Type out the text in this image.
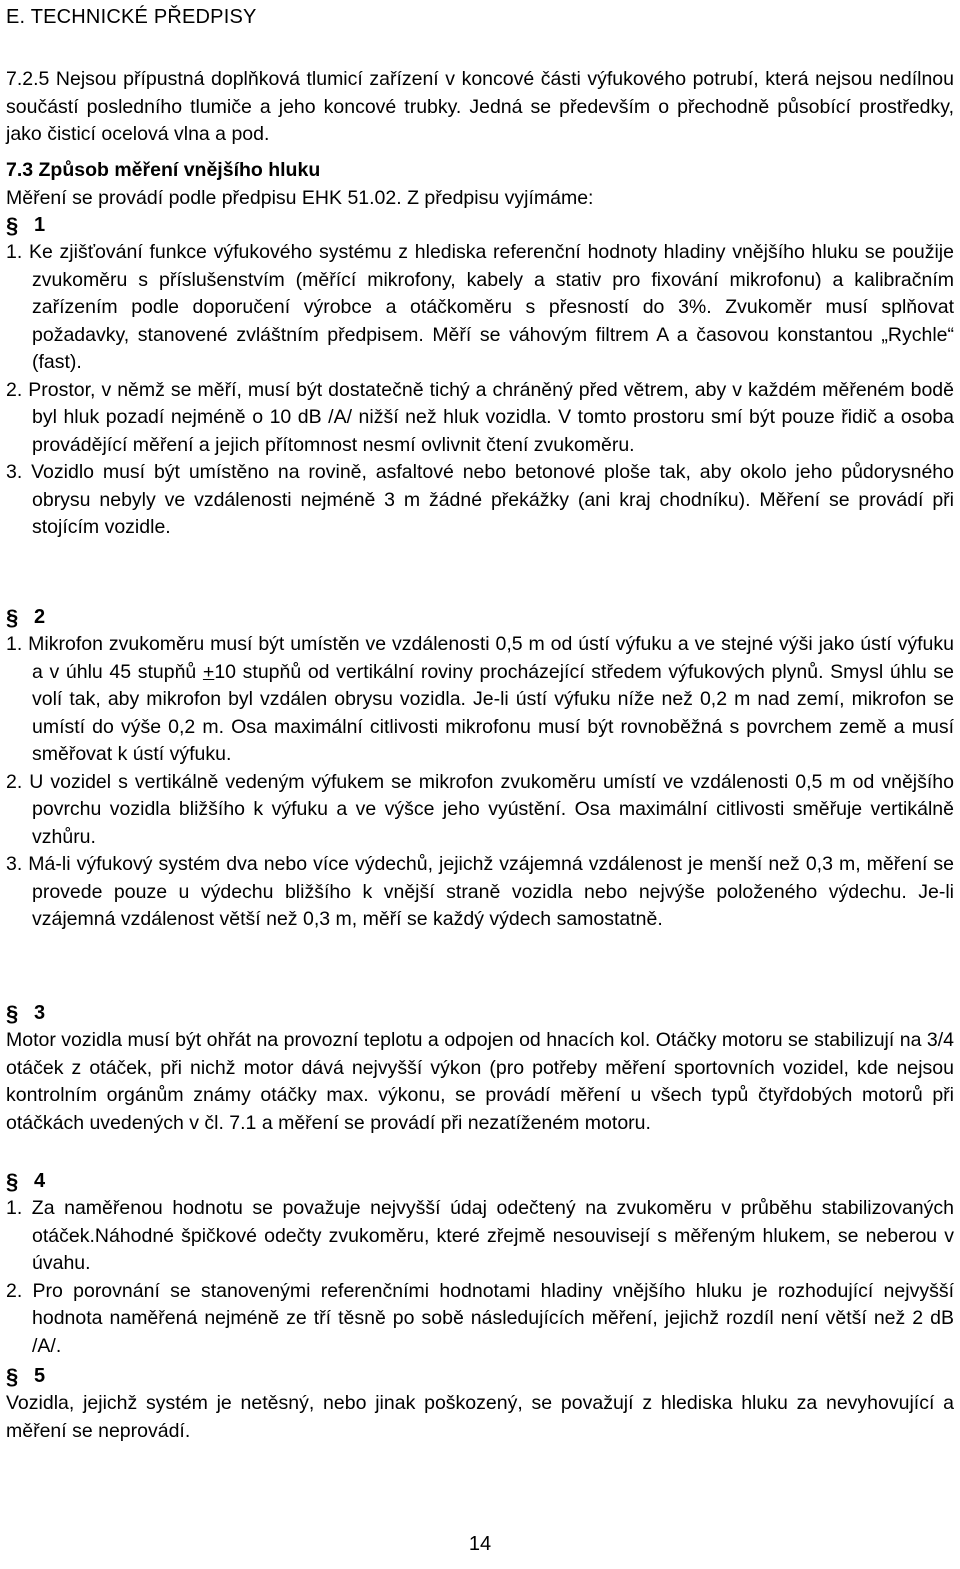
E. TECHNICKÉ PŘEDPISY

7.2.5 Nejsou přípustná doplňková tlumicí zařízení v koncové části výfukového potrubí, která nejsou nedílnou součástí posledního tlumiče a jeho koncové trubky. Jedná se především o přechodně působící prostředky, jako čisticí ocelová vlna a pod.

7.3 Způsob měření vnějšího hluku

Měření se provádí podle předpisu EHK 51.02. Z předpisu vyjímáme:

§ 1

1. Ke zjišťování funkce výfukového systému z hlediska referenční hodnoty hladiny vnějšího hluku se použije zvukoměru s příslušenstvím (měřící mikrofony, kabely a stativ pro fixování mikrofonu) a kalibračním zařízením podle doporučení výrobce a otáčkoměru s přesností do 3%. Zvukoměr musí splňovat požadavky, stanovené zvláštním předpisem. Měří se váhovým filtrem A a časovou konstantou „Rychle“ (fast).

2. Prostor, v němž se měří, musí být dostatečně tichý a chráněný před větrem, aby v každém měřeném bodě byl hluk pozadí nejméně o 10 dB /A/ nižší než hluk vozidla. V tomto prostoru smí být pouze řidič a osoba provádějící měření a jejich přítomnost nesmí ovlivnit čtení zvukoměru.

3. Vozidlo musí být umístěno na rovině, asfaltové nebo betonové ploše tak, aby okolo jeho půdorysného obrysu nebyly ve vzdálenosti nejméně 3 m žádné překážky (ani kraj chodníku). Měření se provádí při stojícím vozidle.

§ 2

1. Mikrofon zvukoměru musí být umístěn ve vzdálenosti 0,5 m od ústí výfuku a ve stejné výši jako ústí výfuku a v úhlu 45 stupňů +10 stupňů od vertikální roviny procházející středem výfukových plynů. Smysl úhlu se volí tak, aby mikrofon byl vzdálen obrysu vozidla. Je-li ústí výfuku níže než 0,2 m nad zemí, mikrofon se umístí do výše 0,2 m. Osa maximální citlivosti mikrofonu musí být rovnoběžná s povrchem země a musí směřovat k ústí výfuku.

2. U vozidel s vertikálně vedeným výfukem se mikrofon zvukoměru umístí ve vzdálenosti 0,5 m od vnějšího povrchu vozidla bližšího k výfuku a ve výšce jeho vyústění. Osa maximální citlivosti směřuje vertikálně vzhůru.

3. Má-li výfukový systém dva nebo více výdechů, jejichž vzájemná vzdálenost je menší než 0,3 m, měření se provede pouze u výdechu bližšího k vnější straně vozidla nebo nejvýše položeného výdechu. Je-li vzájemná vzdálenost větší než 0,3 m, měří se každý výdech samostatně.

§ 3

Motor vozidla musí být ohřát na provozní teplotu a odpojen od hnacích kol. Otáčky motoru se stabilizují na 3/4 otáček z otáček, při nichž motor dává nejvyšší výkon (pro potřeby měření sportovních vozidel, kde nejsou kontrolním orgánům známy otáčky max. výkonu, se provádí měření u všech typů čtyřdobých motorů při otáčkách uvedených v čl. 7.1 a měření se provádí při nezatíženém motoru.

§ 4

1. Za naměřenou hodnotu se považuje nejvyšší údaj odečtený na zvukoměru v průběhu stabilizovaných otáček.Náhodné špičkové odečty zvukoměru, které zřejmě nesouvisejí s měřeným hlukem, se neberou v úvahu.

2. Pro porovnání se stanovenými referenčními hodnotami hladiny vnějšího hluku je rozhodující nejvyšší hodnota naměřená nejméně ze tří těsně po sobě následujících měření, jejichž rozdíl není větší než 2 dB /A/.

§ 5

Vozidla, jejichž systém je netěsný, nebo jinak poškozený, se považují z hlediska hluku za nevyhovující a měření se neprovádí.

14
